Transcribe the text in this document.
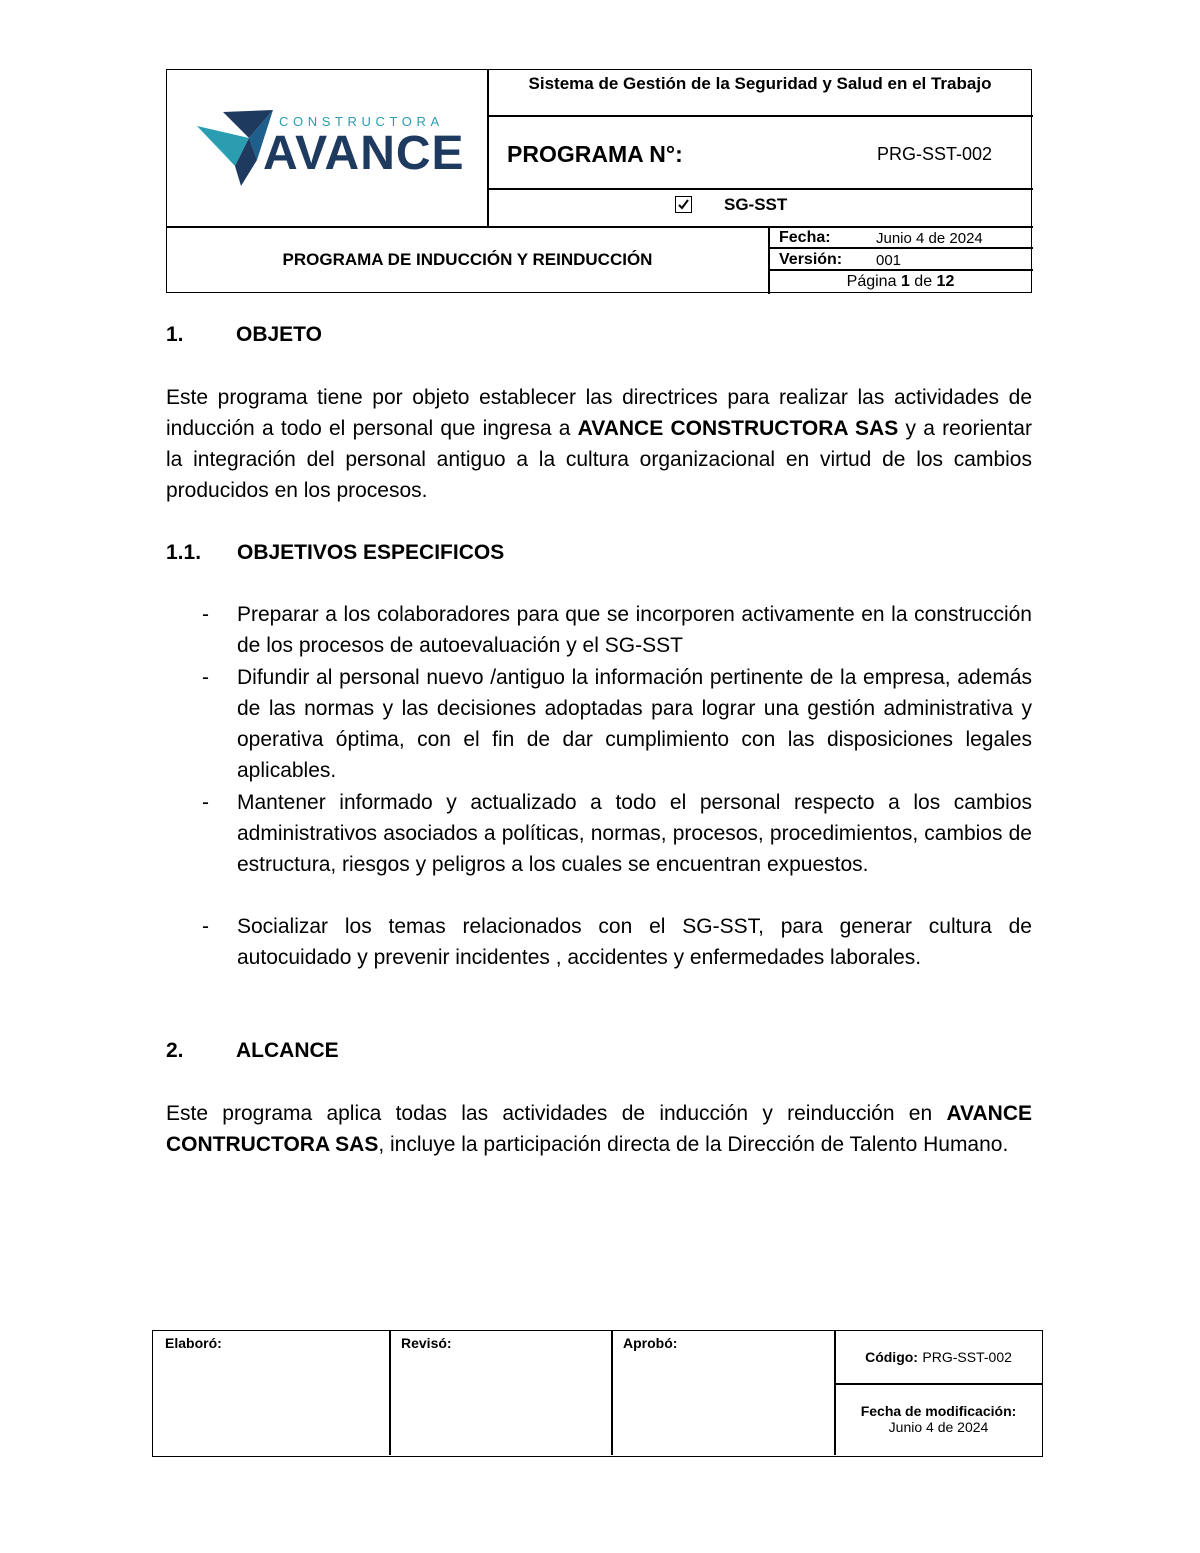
CONSTRUCTORA
AVANCE
Sistema de Gestión de la Seguridad y Salud en el Trabajo
PROGRAMA N°:	PRG-SST-002
SG-SST
PROGRAMA DE INDUCCIÓN Y REINDUCCIÓN
Fecha:	Junio 4 de 2024
Versión: 001
Página 1 de 12
1. OBJETO
Este programa tiene por objeto establecer las directrices para realizar las actividades de inducción a todo el personal que ingresa a AVANCE CONSTRUCTORA SAS y a reorientar la integración del personal antiguo a la cultura organizacional en virtud de los cambios producidos en los procesos.
1.1. OBJETIVOS ESPECIFICOS
- Preparar a los colaboradores para que se incorporen activamente en la construcción de los procesos de autoevaluación y el SG-SST
- Difundir al personal nuevo /antiguo la información pertinente de la empresa, además de las normas y las decisiones adoptadas para lograr una gestión administrativa y operativa óptima, con el fin de dar cumplimiento con las disposiciones legales aplicables.
- Mantener informado y actualizado a todo el personal respecto a los cambios administrativos asociados a políticas, normas, procesos, procedimientos, cambios de estructura, riesgos y peligros a los cuales se encuentran expuestos.
- Socializar los temas relacionados con el SG-SST, para generar cultura de autocuidado y prevenir incidentes , accidentes y enfermedades laborales.
2. ALCANCE
Este programa aplica todas las actividades de inducción y reinducción en AVANCE CONTRUCTORA SAS, incluye la participación directa de la Dirección de Talento Humano.
Elaboró:	Revisó:	Aprobó:
Código: PRG-SST-002
Fecha de modificación:
Junio 4 de 2024
